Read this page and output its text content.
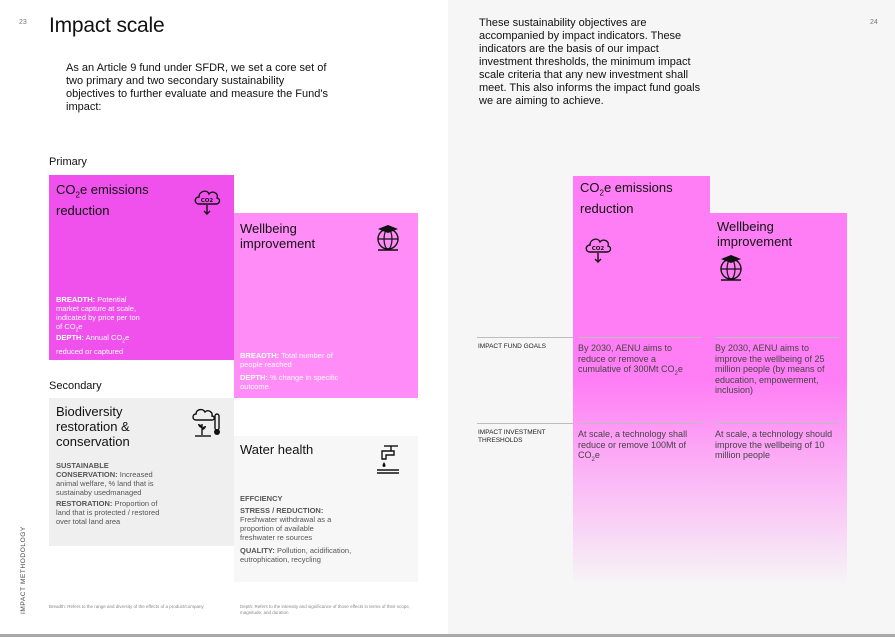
23 Impact scale
As an Article 9 fund under SFDR, we set a core set of two primary and two secondary sustainability objectives to further evaluate and measure the Fund's impact:
Primary
$CO_2e$ emissions reduction
CO2
BREADTH: Potential market capture at scale, indicated by price per ton of $CO_2e$
DEPTH: Annual $CO_2e$ reduced or captured
Wellbeing improvement
BREADTH: Total number of people reached
DEPTH: % change in specific outcome
Secondary
Biodiversity restoration & conservation
SUSTAINABLE CONSERVATION: Increased animal welfare, % land that is sustainaby usedmanaged
RESTORATION: Proportion of land that is protected / restored over total land area
Water health
EFFCIENCY
STRESS / REDUCTION: Freshwater withdrawal as a proportion of available freshwater re sources
QUALITY: Pollution, acidification, eutrophication, recycling
IMPACT METHODOLOGY	Breadth: Refers to the range and diversity of the effects of a product/company	Depth: Refers to the intensity and significance of those effects in terms of their scope, magnitude, and duration
These sustainability objectives are accompanied by impact indicators. These indicators are the basis of our impact investment thresholds, the minimum impact scale criteria that any new investment shall meet. This also informs the impact fund goals we are aiming to achieve.
24
$CO_2e$ emissions reduction
CO2
By 2030, AENU aims to reduce or remove a cumulative of 300Mt $CO_2e$
At scale, a technology shall reduce or remove 100Mt of $CO_2e$
Wellbeing improvement
By 2030, AENU aims to improve the wellbeing of 25 million people (by means of education, empowerment, inclusion)
At scale, a technology should improve the wellbeing of 10 million people
IMPACT FUND GOALS
IMPACT INVESTMENT THRESHOLDS
